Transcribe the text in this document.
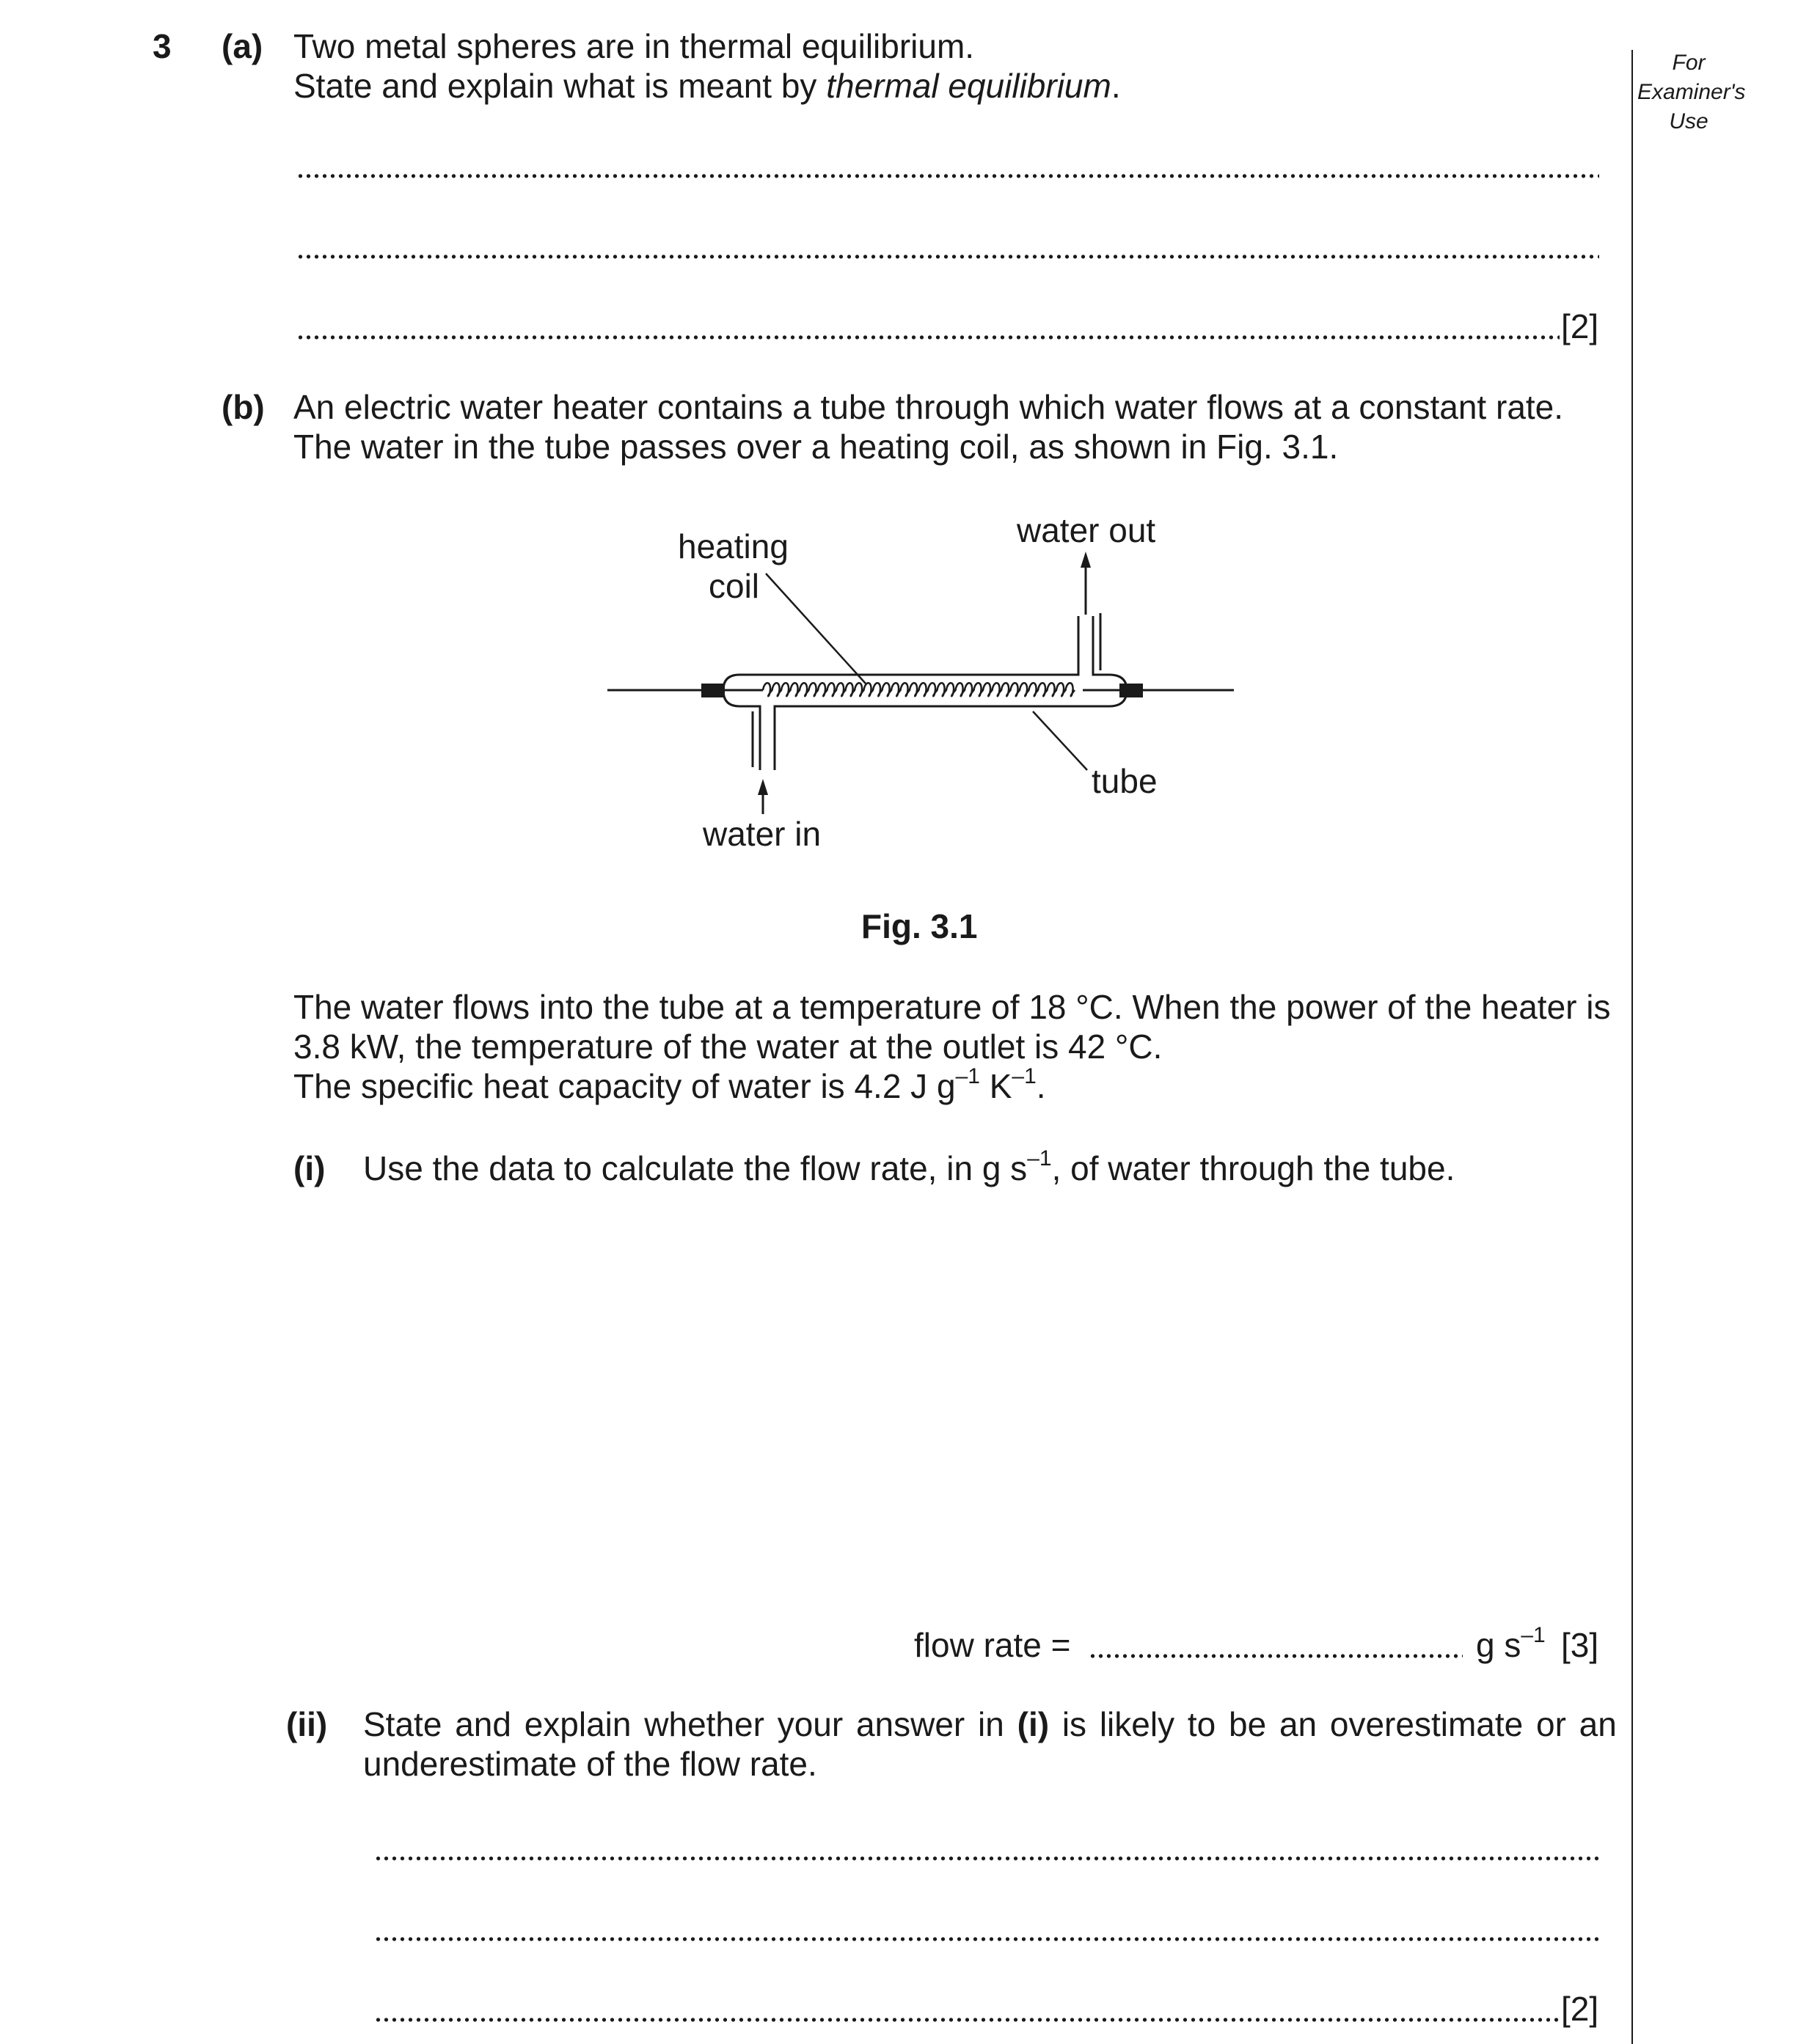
For
Examiner's
Use
3 (a) Two metal spheres are in thermal equilibrium.
State and explain what is meant by thermal equilibrium.
[2]
(b) An electric water heater contains a tube through which water flows at a constant rate.
The water in the tube passes over a heating coil, as shown in Fig. 3.1.
heating
coil
water out
tube
water in
Fig. 3.1
The water flows into the tube at a temperature of 18 °C. When the power of the heater is
3.8 kW, the temperature of the water at the outlet is 42 °C.
The specific heat capacity of water is 4.2 J $g^{-1}$ $K^{-1}$.
(i) Use the data to calculate the flow rate, in g $s^{-1}$, of water through the tube.
flow rate =	g $s^{-1}$ [3]
(ii) State and explain whether your answer in (i) is likely to be an overestimate or an
underestimate of the flow rate.
[2]
